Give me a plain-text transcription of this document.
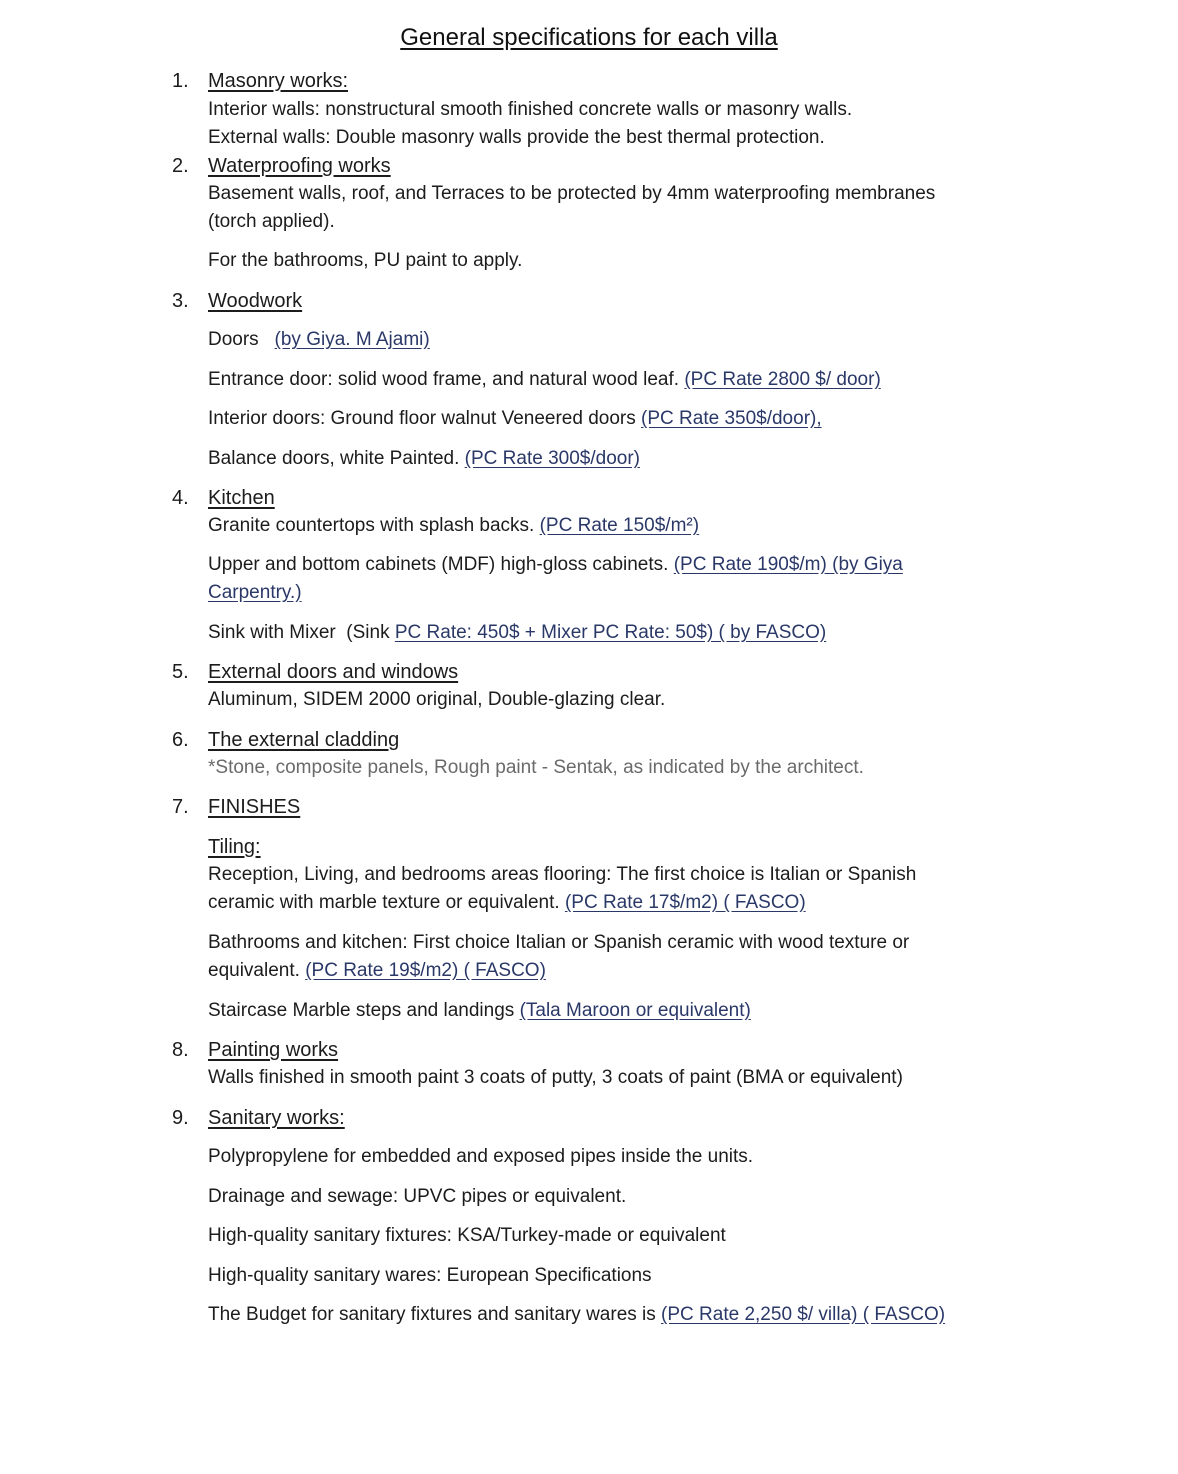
General specifications for each villa
1. Masonry works:
Interior walls: nonstructural smooth finished concrete walls or masonry walls.
External walls: Double masonry walls provide the best thermal protection.
2. Waterproofing works
Basement walls, roof, and Terraces to be protected by 4mm waterproofing membranes
(torch applied).
For the bathrooms, PU paint to apply.
3. Woodwork
Doors   (by Giya. M Ajami)
Entrance door: solid wood frame, and natural wood leaf. (PC Rate 2800 $/ door)
Interior doors: Ground floor walnut Veneered doors (PC Rate 350$/door),
Balance doors, white Painted. (PC Rate 300$/door)
4. Kitchen
Granite countertops with splash backs. (PC Rate 150$/m²)
Upper and bottom cabinets (MDF) high-gloss cabinets. (PC Rate 190$/m) (by Giya
Carpentry.)
Sink with Mixer  (Sink PC Rate: 450$ + Mixer PC Rate: 50$) ( by FASCO)
5. External doors and windows
Aluminum, SIDEM 2000 original, Double-glazing clear.
6. The external cladding
*Stone, composite panels, Rough paint - Sentak, as indicated by the architect.
7. FINISHES
Tiling:
Reception, Living, and bedrooms areas flooring: The first choice is Italian or Spanish
ceramic with marble texture or equivalent. (PC Rate 17$/m2) ( FASCO)
Bathrooms and kitchen: First choice Italian or Spanish ceramic with wood texture or
equivalent. (PC Rate 19$/m2) ( FASCO)
Staircase Marble steps and landings (Tala Maroon or equivalent)
8. Painting works
Walls finished in smooth paint 3 coats of putty, 3 coats of paint (BMA or equivalent)
9. Sanitary works:
Polypropylene for embedded and exposed pipes inside the units.
Drainage and sewage: UPVC pipes or equivalent.
High-quality sanitary fixtures: KSA/Turkey-made or equivalent
High-quality sanitary wares: European Specifications
The Budget for sanitary fixtures and sanitary wares is (PC Rate 2,250 $/ villa) ( FASCO)
